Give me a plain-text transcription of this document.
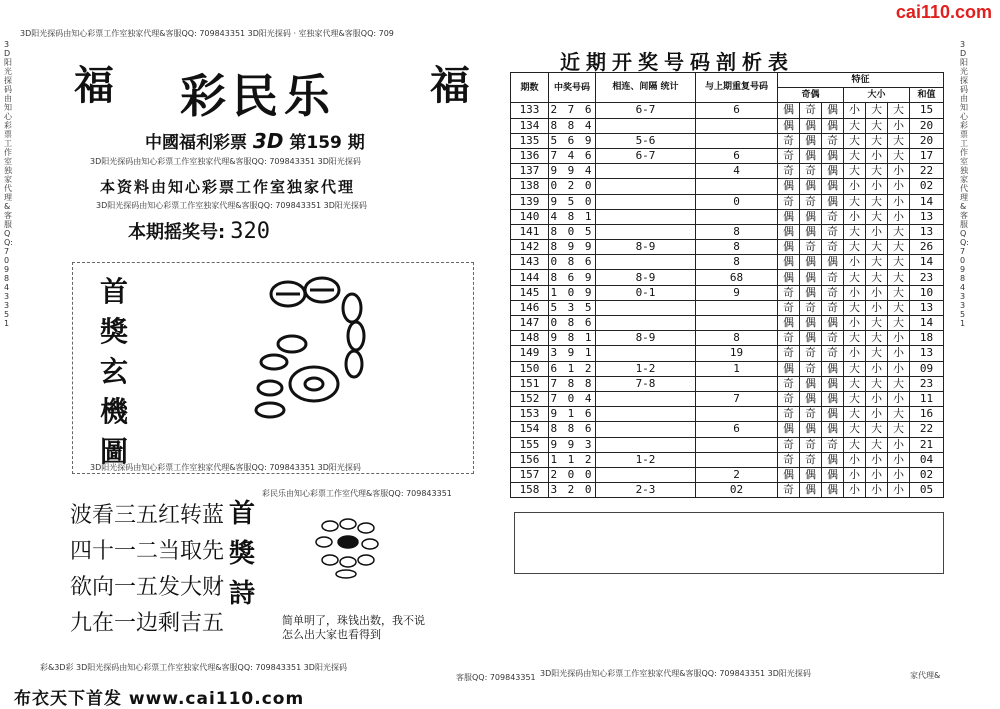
cai110.com
3D阳光探码由知心彩票工作室独家代理&客服QQ:709843351
3D阳光探码由知心彩票工作室独家代理&客服QQ:709843351
3D阳光探码由知心彩票工作室独家代理&客服QQ: 709843351 3D阳光探码 · 室独家代理&客服QQ: 709
福	福
彩民乐
中國福利彩票 3D 第159 期
3D阳光探码由知心彩票工作室独家代理&客服QQ: 709843351 3D阳光探码
本资料由知心彩票工作室独家代理
3D阳光探码由知心彩票工作室独家代理&客服QQ: 709843351 3D阳光探码
本期摇奖号: 320
首
獎
玄
機
圖
3D阳光探码由知心彩票工作室独家代理&客服QQ: 709843351 3D阳光探码
波看三五红转蓝
四十一二当取先
欲向一五发大财
九在一边剩吉五
首
獎
詩
彩民乐由知心彩票工作室代理&客服QQ: 709843351
简单明了，珠钱出数，我不说
怎么出大家也看得到
彩&3D彩 3D阳光探码由知心彩票工作室独家代理&客服QQ: 709843351 3D阳光探码
客服QQ: 709843351 3D阳光探码由知心彩票工作室独家代理&客服QQ: 709843351 3D阳光探码	家代理&
布衣天下首发 www.cai110.com
近期开奖号码剖析表
期数	中奖号码	相连、间隔 统计	与上期重复号码	特征						
				奇偶			大小			和值
133	2 7 6	6-7	6	偶	奇	偶	小	大	大	15
134	8 8 4			偶	偶	偶	大	大	小	20
135	5 6 9	5-6		奇	偶	奇	大	大	大	20
136	7 4 6	6-7	6	奇	偶	偶	大	小	大	17
137	9 9 4		4	奇	奇	偶	大	大	小	22
138	0 2 0			偶	偶	偶	小	小	小	02
139	9 5 0		0	奇	奇	偶	大	大	小	14
140	4 8 1			偶	偶	奇	小	大	小	13
141	8 0 5		8	偶	偶	奇	大	小	大	13
142	8 9 9	8-9	8	偶	奇	奇	大	大	大	26
143	0 8 6		8	偶	偶	偶	小	大	大	14
144	8 6 9	8-9	68	偶	偶	奇	大	大	大	23
145	1 0 9	0-1	9	奇	偶	奇	小	小	大	10
146	5 3 5			奇	奇	奇	大	小	大	13
147	0 8 6			偶	偶	偶	小	大	大	14
148	9 8 1	8-9	8	奇	偶	奇	大	大	小	18
149	3 9 1		19	奇	奇	奇	小	大	小	13
150	6 1 2	1-2	1	偶	奇	偶	大	小	小	09
151	7 8 8	7-8		奇	偶	偶	大	大	大	23
152	7 0 4		7	奇	偶	偶	大	小	小	11
153	9 1 6			奇	奇	偶	大	小	大	16
154	8 8 6		6	偶	偶	偶	大	大	大	22
155	9 9 3			奇	奇	奇	大	大	小	21
156	1 1 2	1-2		奇	奇	偶	小	小	小	04
157	2 0 0		2	偶	偶	偶	小	小	小	02
158	3 2 0	2-3	02	奇	偶	偶	小	小	小	05
